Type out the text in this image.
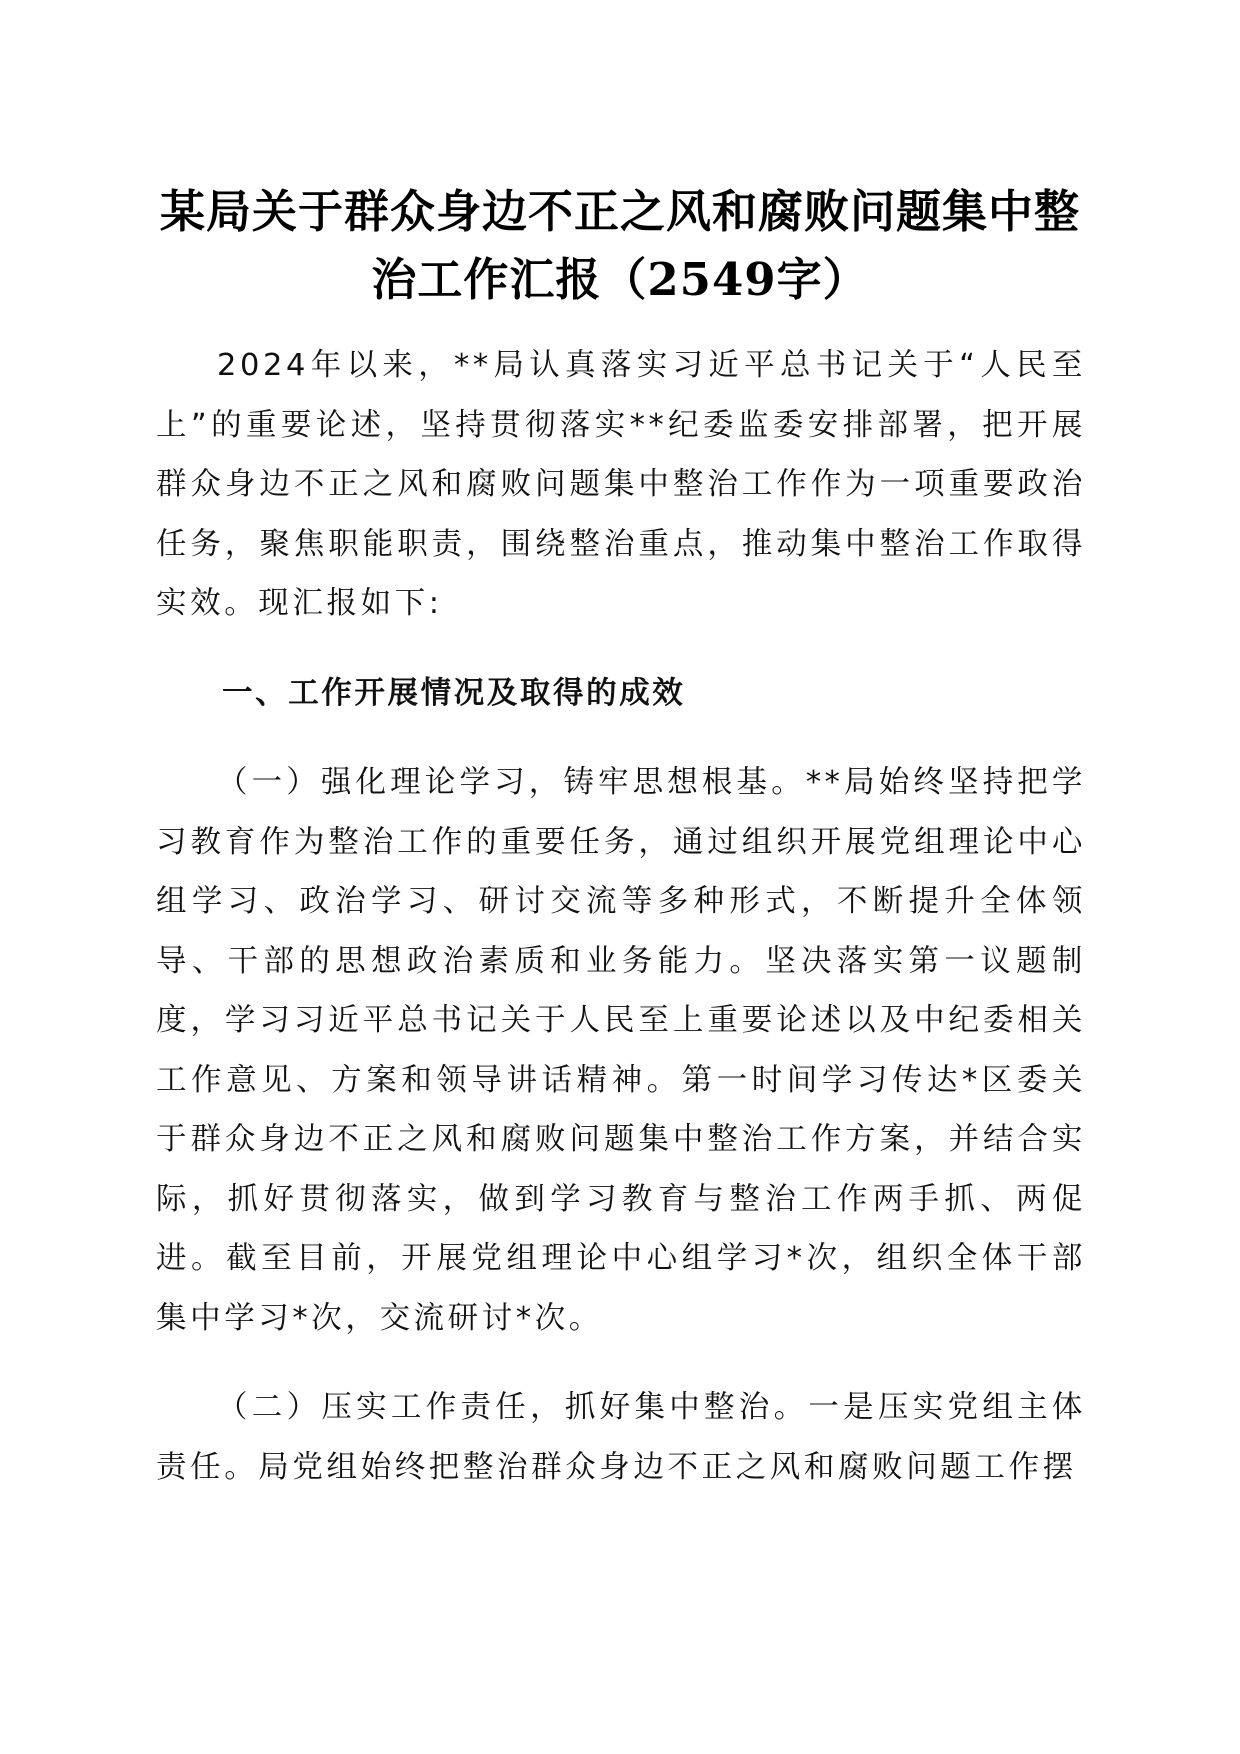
某局关于群众身边不正之风和腐败问题集中整
治工作汇报（2549字）

2024年以来，**局认真落实习近平总书记关于“人民至上”的重要论述，坚持贯彻落实**纪委监委安排部署，把开展群众身边不正之风和腐败问题集中整治工作作为一项重要政治任务，聚焦职能职责，围绕整治重点，推动集中整治工作取得实效。现汇报如下:

一、工作开展情况及取得的成效

（一）强化理论学习，铸牢思想根基。**局始终坚持把学习教育作为整治工作的重要任务，通过组织开展党组理论中心组学习、政治学习、研讨交流等多种形式，不断提升全体领导、干部的思想政治素质和业务能力。坚决落实第一议题制度，学习习近平总书记关于人民至上重要论述以及中纪委相关工作意见、方案和领导讲话精神。第一时间学习传达*区委关于群众身边不正之风和腐败问题集中整治工作方案，并结合实际，抓好贯彻落实，做到学习教育与整治工作两手抓、两促进。截至目前，开展党组理论中心组学习*次，组织全体干部集中学习*次，交流研讨*次。

（二）压实工作责任，抓好集中整治。一是压实党组主体责任。局党组始终把整治群众身边不正之风和腐败问题工作摆
